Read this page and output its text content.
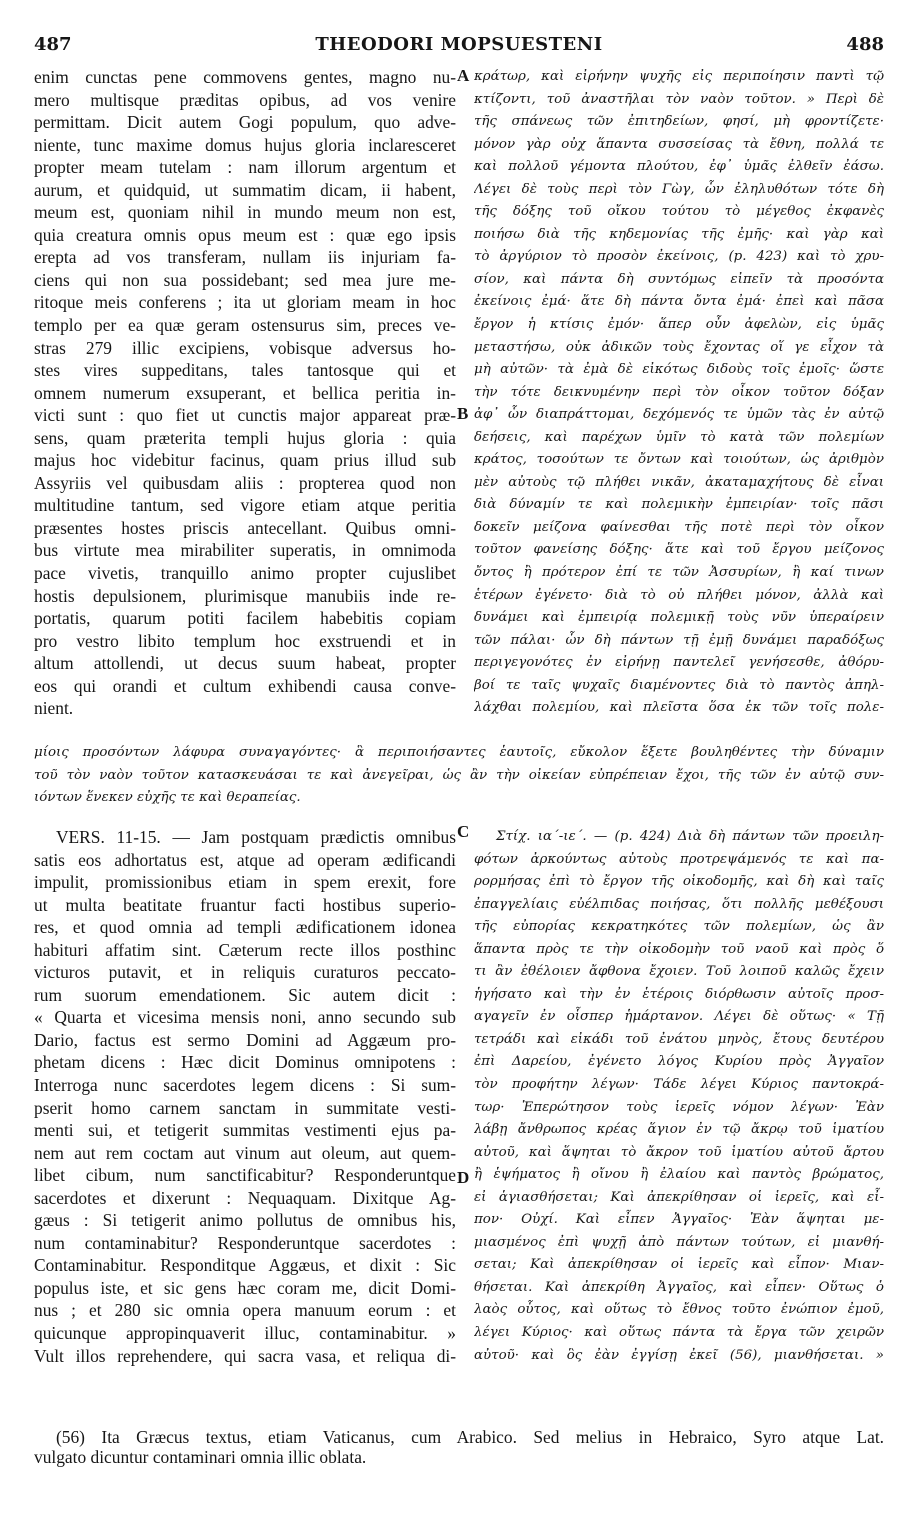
487	THEODORI MOPSUESTENI	488
enim cunctas pene commovens gentes, magno nu-
mero multisque præditas opibus, ad vos venire
permittam. Dicit autem Gogi populum, quo adve-
niente, tunc maxime domus hujus gloria inclaresceret
propter meam tutelam : nam illorum argentum et
aurum, et quidquid, ut summatim dicam, ii habent,
meum est, quoniam nihil in mundo meum non est,
quia creatura omnis opus meum est : quæ ego ipsis
erepta ad vos transferam, nullam iis injuriam fa-
ciens qui non sua possidebant; sed mea jure me-
ritoque meis conferens ; ita ut gloriam meam in hoc
templo per ea quæ geram ostensurus sim, preces ve-
stras 279 illic excipiens, vobisque adversus ho-
stes vires suppeditans, tales tantosque qui et
omnem numerum exsuperant, et bellica peritia in-
victi sunt : quo fiet ut cunctis major appareat præ-
sens, quam præterita templi hujus gloria : quia
majus hoc videbitur facinus, quam prius illud sub
Assyriis vel quibusdam aliis : propterea quod non
multitudine tantum, sed vigore etiam atque peritia
præsentes hostes priscis antecellant. Quibus omni-
bus virtute mea mirabiliter superatis, in omnimoda
pace vivetis, tranquillo animo propter cujuslibet
hostis depulsionem, plurimisque manubiis inde re-
portatis, quarum potiti facilem habebitis copiam
pro vestro libito templum hoc exstruendi et in
altum attollendi, ut decus suum habeat, propter
eos qui orandi et cultum exhibendi causa conve-
nient.
κράτωρ, καὶ εἰρήνην ψυχῆς εἰς περιποίησιν παντὶ τῷ
κτίζοντι, τοῦ ἀναστῆλαι τὸν ναὸν τοῦτον. » Περὶ δὲ
τῆς σπάνεως τῶν ἐπιτηδείων, φησί, μὴ φροντίζετε·
μόνον γὰρ οὐχ ἅπαντα συσσείσας τὰ ἔθνη, πολλά τε
καὶ πολλοῦ γέμοντα πλούτου, ἐφ᾽ ὑμᾶς ἐλθεῖν ἐάσω.
Λέγει δὲ τοὺς περὶ τὸν Γὼγ, ὧν ἐληλυθότων τότε δὴ
τῆς δόξης τοῦ οἴκου τούτου τὸ μέγεθος ἐκφανὲς
ποιήσω διὰ τῆς κηδεμονίας τῆς ἐμῆς· καὶ γὰρ καὶ
τὸ ἀργύριον τὸ προσὸν ἐκείνοις, (p. 423) καὶ τὸ χρυ-
σίον, καὶ πάντα δὴ συντόμως εἰπεῖν τὰ προσόντα
ἐκείνοις ἐμά· ἅτε δὴ πάντα ὄντα ἐμά· ἐπεὶ καὶ πᾶσα
ἔργον ἡ κτίσις ἐμόν· ἅπερ οὖν ἀφελὼν, εἰς ὑμᾶς
μεταστήσω, οὐκ ἀδικῶν τοὺς ἔχοντας οἵ γε εἶχον τὰ
μὴ αὐτῶν· τὰ ἐμὰ δὲ εἰκότως διδοὺς τοῖς ἐμοῖς· ὥστε
τὴν τότε δεικνυμένην περὶ τὸν οἶκον τοῦτον δόξαν
ἀφ᾽ ὧν διαπράττομαι, δεχόμενός τε ὑμῶν τὰς ἐν αὐτῷ
δεήσεις, καὶ παρέχων ὑμῖν τὸ κατὰ τῶν πολεμίων
κράτος, τοσούτων τε ὄντων καὶ τοιούτων, ὡς ἀριθμὸν
μὲν αὐτοὺς τῷ πλήθει νικᾶν, ἀκαταμαχήτους δὲ εἶναι
διὰ δύναμίν τε καὶ πολεμικὴν ἐμπειρίαν· τοῖς πᾶσι
δοκεῖν μείζονα φαίνεσθαι τῆς ποτὲ περὶ τὸν οἶκον
τοῦτον φανείσης δόξης· ἅτε καὶ τοῦ ἔργου μείζονος
ὄντος ἢ πρότερον ἐπί τε τῶν Ἀσσυρίων, ἢ καί τινων
ἑτέρων ἐγένετο· διὰ τὸ οὐ πλήθει μόνον, ἀλλὰ καὶ
δυνάμει καὶ ἐμπειρίᾳ πολεμικῇ τοὺς νῦν ὑπεραίρειν
τῶν πάλαι· ὧν δὴ πάντων τῇ ἐμῇ δυνάμει παραδόξως
περιγεγονότες ἐν εἰρήνῃ παντελεῖ γενήσεσθε, ἀθόρυ-
βοί τε ταῖς ψυχαῖς διαμένοντες διὰ τὸ παντὸς ἀπηλ-
λάχθαι πολεμίου, καὶ πλεῖστα ὅσα ἐκ τῶν τοῖς πολε-
A
B
C
D
μίοις προσόντων λάφυρα συναγαγόντες· ἃ περιποιήσαντες ἑαυτοῖς, εὔκολον ἕξετε βουληθέντες τὴν δύναμιν
τοῦ τὸν ναὸν τοῦτον κατασκευάσαι τε καὶ ἀνεγεῖραι, ὡς ἂν τὴν οἰκείαν εὐπρέπειαν ἔχοι, τῆς τῶν ἐν αὐτῷ συν-
ιόντων ἕνεκεν εὐχῆς τε καὶ θεραπείας.
VERS. 11-15. — Jam postquam prædictis omnibus
satis eos adhortatus est, atque ad operam ædificandi
impulit, promissionibus etiam in spem erexit, fore
ut multa beatitate fruantur facti hostibus superio-
res, et quod omnia ad templi ædificationem idonea
habituri affatim sint. Cæterum recte illos posthinc
victuros putavit, et in reliquis curaturos peccato-
rum suorum emendationem. Sic autem dicit :
« Quarta et vicesima mensis noni, anno secundo sub
Dario, factus est sermo Domini ad Aggæum pro-
phetam dicens : Hæc dicit Dominus omnipotens :
Interroga nunc sacerdotes legem dicens : Si sum-
pserit homo carnem sanctam in summitate vesti-
menti sui, et tetigerit summitas vestimenti ejus pa-
nem aut rem coctam aut vinum aut oleum, aut quem-
libet cibum, num sanctificabitur? Responderuntque
sacerdotes et dixerunt : Nequaquam. Dixitque Ag-
gæus : Si tetigerit animo pollutus de omnibus his,
num contaminabitur? Responderuntque sacerdotes :
Contaminabitur. Responditque Aggæus, et dixit : Sic
populus iste, et sic gens hæc coram me, dicit Domi-
nus ; et 280 sic omnia opera manuum eorum : et
quicunque appropinquaverit illuc, contaminabitur. »
Vult illos reprehendere, qui sacra vasa, et reliqua di-
Στίχ. ια´-ιε´. — (p. 424) Διὰ δὴ πάντων τῶν προειλη-
φότων ἀρκούντως αὐτοὺς προτρεψάμενός τε καὶ πα-
ρορμήσας ἐπὶ τὸ ἔργον τῆς οἰκοδομῆς, καὶ δὴ καὶ ταῖς
ἐπαγγελίαις εὐέλπιδας ποιήσας, ὅτι πολλῆς μεθέξουσι
τῆς εὐπορίας κεκρατηκότες τῶν πολεμίων, ὡς ἂν
ἅπαντα πρὸς τε τὴν οἰκοδομὴν τοῦ ναοῦ καὶ πρὸς ὅ
τι ἂν ἐθέλοιεν ἄφθονα ἔχοιεν. Τοῦ λοιποῦ καλῶς ἔχειν
ἡγήσατο καὶ τὴν ἐν ἑτέροις διόρθωσιν αὐτοῖς προσ-
αγαγεῖν ἐν οἷσπερ ἡμάρτανον. Λέγει δὲ οὕτως· « Τῇ
τετράδι καὶ εἰκάδι τοῦ ἐνάτου μηνὸς, ἔτους δευτέρου
ἐπὶ Δαρείου, ἐγένετο λόγος Κυρίου πρὸς Ἀγγαῖον
τὸν προφήτην λέγων· Τάδε λέγει Κύριος παντοκρά-
τωρ· Ἐπερώτησον τοὺς ἱερεῖς νόμον λέγων· Ἐὰν
λάβῃ ἄνθρωπος κρέας ἅγιον ἐν τῷ ἄκρῳ τοῦ ἱματίου
αὐτοῦ, καὶ ἅψηται τὸ ἄκρον τοῦ ἱματίου αὐτοῦ ἄρτου
ἢ ἑψήματος ἢ οἴνου ἢ ἐλαίου καὶ παντὸς βρώματος,
εἰ ἁγιασθήσεται; Καὶ ἀπεκρίθησαν οἱ ἱερεῖς, καὶ εἶ-
πον· Οὐχί. Καὶ εἶπεν Ἀγγαῖος· Ἐὰν ἅψηται με-
μιασμένος ἐπὶ ψυχῇ ἀπὸ πάντων τούτων, εἰ μιανθή-
σεται; Καὶ ἀπεκρίθησαν οἱ ἱερεῖς καὶ εἶπον· Μιαν-
θήσεται. Καὶ ἀπεκρίθη Ἀγγαῖος, καὶ εἶπεν· Οὕτως ὁ
λαὸς οὗτος, καὶ οὕτως τὸ ἔθνος τοῦτο ἐνώπιον ἐμοῦ,
λέγει Κύριος· καὶ οὕτως πάντα τὰ ἔργα τῶν χειρῶν
αὐτοῦ· καὶ ὃς ἐὰν ἐγγίσῃ ἐκεῖ (56), μιανθήσεται. »
(56) Ita Græcus textus, etiam Vaticanus, cum Arabico. Sed melius in Hebraico, Syro atque Lat.
vulgato dicuntur contaminari omnia illic oblata.
